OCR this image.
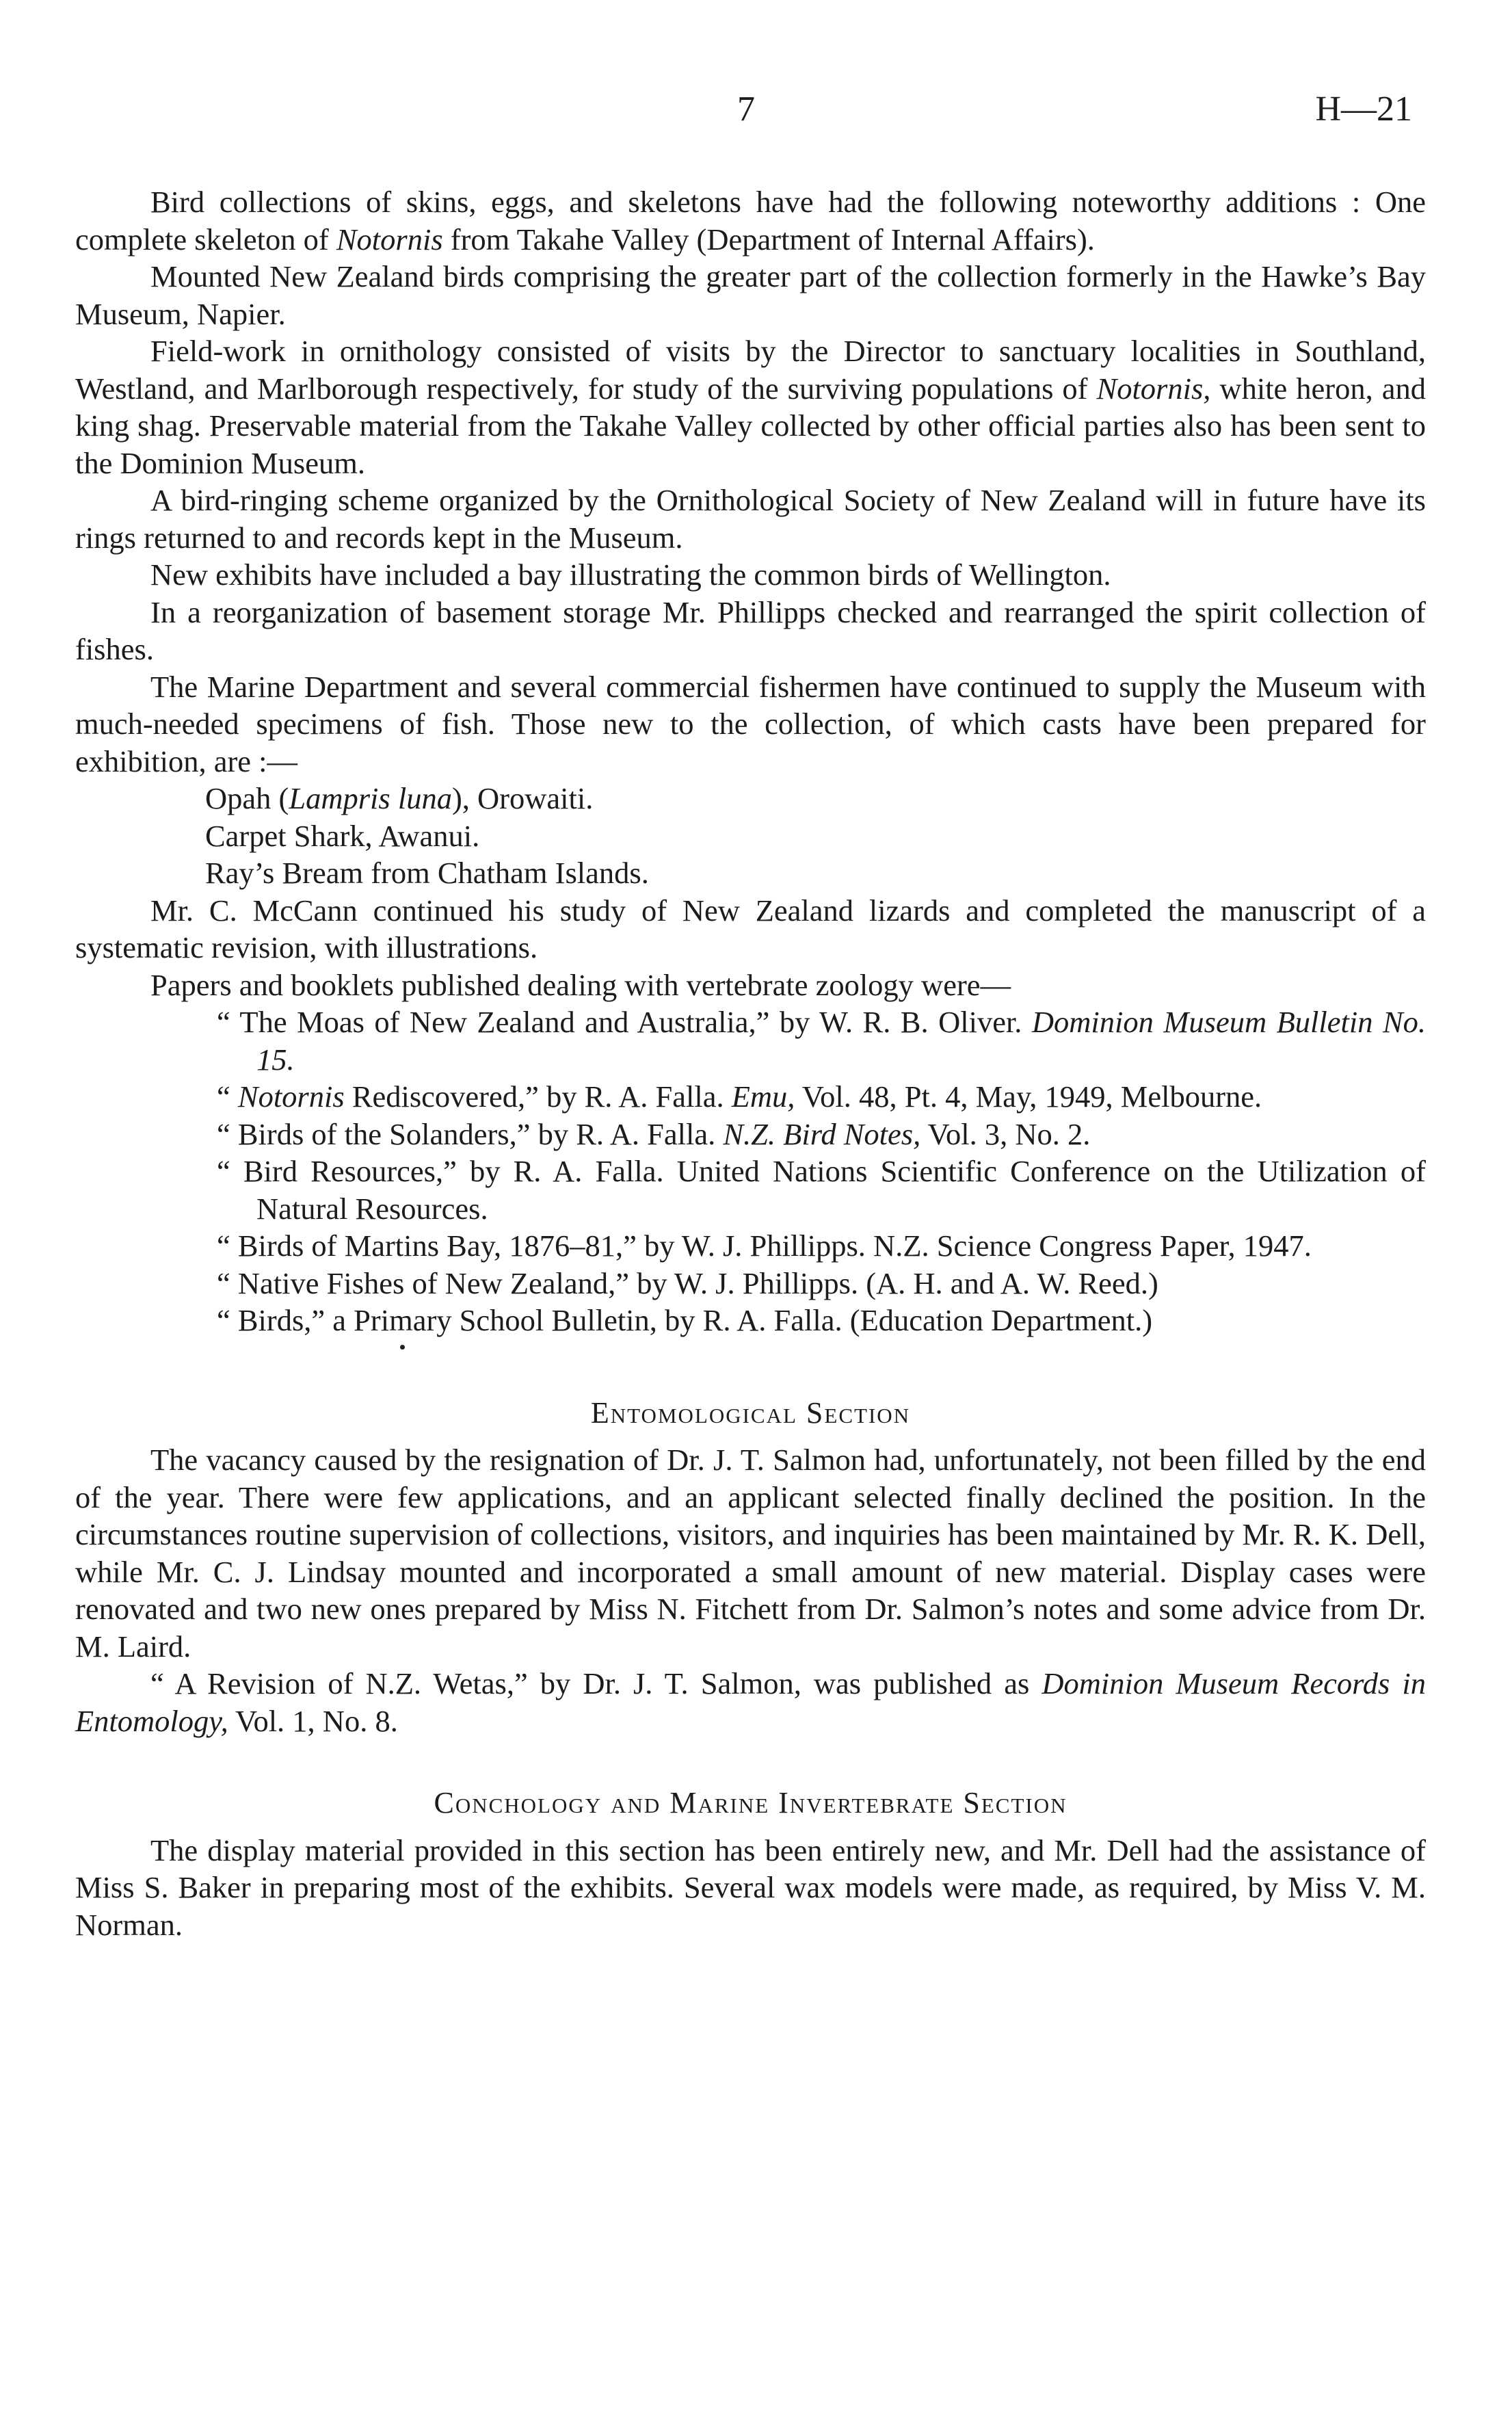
7	H—21

Bird collections of skins, eggs, and skeletons have had the following noteworthy additions : One complete skeleton of Notornis from Takahe Valley (Department of Internal Affairs).

Mounted New Zealand birds comprising the greater part of the collection formerly in the Hawke’s Bay Museum, Napier.

Field-work in ornithology consisted of visits by the Director to sanctuary localities in Southland, Westland, and Marlborough respectively, for study of the surviving populations of Notornis, white heron, and king shag. Preservable material from the Takahe Valley collected by other official parties also has been sent to the Dominion Museum.

A bird-ringing scheme organized by the Ornithological Society of New Zealand will in future have its rings returned to and records kept in the Museum.

New exhibits have included a bay illustrating the common birds of Wellington.

In a reorganization of basement storage Mr. Phillipps checked and rearranged the spirit collection of fishes.

The Marine Department and several commercial fishermen have continued to supply the Museum with much-needed specimens of fish. Those new to the collection, of which casts have been prepared for exhibition, are :—

Opah (Lampris luna), Orowaiti.
Carpet Shark, Awanui.
Ray’s Bream from Chatham Islands.

Mr. C. McCann continued his study of New Zealand lizards and completed the manuscript of a systematic revision, with illustrations.

Papers and booklets published dealing with vertebrate zoology were—

“ The Moas of New Zealand and Australia,” by W. R. B. Oliver. Dominion Museum Bulletin No. 15.
“ Notornis Rediscovered,” by R. A. Falla. Emu, Vol. 48, Pt. 4, May, 1949, Melbourne.
“ Birds of the Solanders,” by R. A. Falla. N.Z. Bird Notes, Vol. 3, No. 2.
“ Bird Resources,” by R. A. Falla. United Nations Scientific Conference on the Utilization of Natural Resources.
“ Birds of Martins Bay, 1876–81,” by W. J. Phillipps. N.Z. Science Congress Paper, 1947.
“ Native Fishes of New Zealand,” by W. J. Phillipps. (A. H. and A. W. Reed.)
“ Birds,” a Primary School Bulletin, by R. A. Falla. (Education Department.)
Entomological Section

The vacancy caused by the resignation of Dr. J. T. Salmon had, unfortunately, not been filled by the end of the year. There were few applications, and an applicant selected finally declined the position. In the circumstances routine supervision of collections, visitors, and inquiries has been maintained by Mr. R. K. Dell, while Mr. C. J. Lindsay mounted and incorporated a small amount of new material. Display cases were renovated and two new ones prepared by Miss N. Fitchett from Dr. Salmon’s notes and some advice from Dr. M. Laird.

“ A Revision of N.Z. Wetas,” by Dr. J. T. Salmon, was published as Dominion Museum Records in Entomology, Vol. 1, No. 8.

Conchology and Marine Invertebrate Section

The display material provided in this section has been entirely new, and Mr. Dell had the assistance of Miss S. Baker in preparing most of the exhibits. Several wax models were made, as required, by Miss V. M. Norman.
